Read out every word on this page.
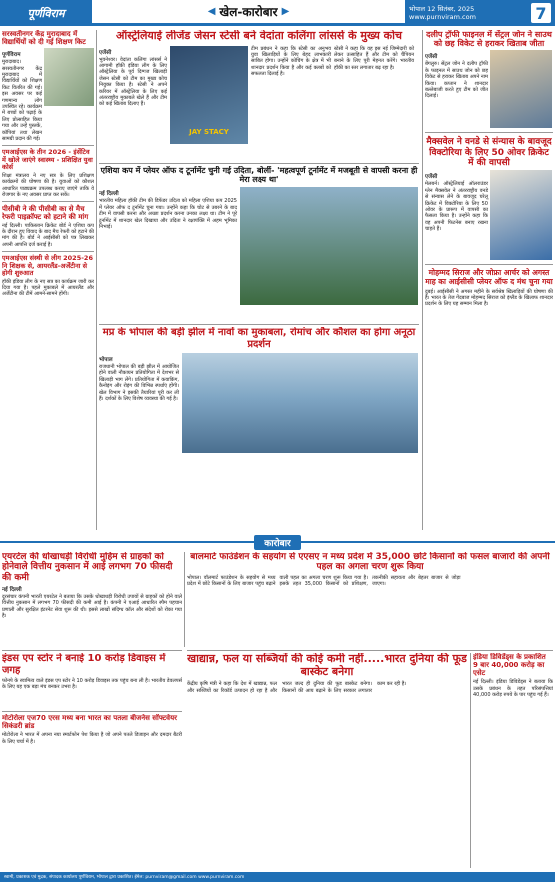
पूर्णविराम	◀ खेल-कारोबार ▶	भोपाल 12 सितंबर, 2025
www.purnviram.com	7
सरस्वतीनगर केंद्र मुरादाबाद में विद्यार्थियों को दी गई शिक्षण किट
पूर्णविराम
मुरादाबाद। सरस्वतीनगर केंद्र मुरादाबाद में विद्यार्थियों को शिक्षण किट वितरित की गई। इस अवसर पर कई गणमान्य लोग उपस्थित रहे। कार्यक्रम में बच्चों को पढ़ाई के लिए प्रोत्साहित किया गया और उन्हें पुस्तकें, कॉपियां तथा लेखन सामग्री प्रदान की गई।
एमआईएस के तीन 2026 - इंसेंटिव में खोले जाएंगे स्वास्थ्य - प्रशिक्षित युवा कोर्स
शिक्षा मंत्रालय ने नए सत्र के लिए प्रशिक्षण कार्यक्रमों की घोषणा की है। युवाओं को कौशल आधारित पाठ्यक्रम उपलब्ध कराए जाएंगे ताकि वे रोजगार के नए अवसर प्राप्त कर सकें।
पीसीबी ने की पीसीबी का से मैच रेफरी पाइक्रॉफ्ट को हटाने की मांग
नई दिल्ली। पाकिस्तान क्रिकेट बोर्ड ने एशिया कप के दौरान हुए विवाद के बाद मैच रेफरी को हटाने की मांग की है। बोर्ड ने आईसीसी को पत्र लिखकर अपनी आपत्ति दर्ज कराई है।
एमआईएस संस्थी से लीग 2025-26 नि शिक्षक से, आयरलैंड-अर्जेंटीना से होगी शुरुआत
हॉकी इंडिया लीग के नए सत्र का कार्यक्रम जारी कर दिया गया है। पहले मुकाबले में आयरलैंड और अर्जेंटीना की टीमें आमने-सामने होंगी।
ऑस्ट्रेलियाई लीजेंड जेसन स्टेसी बने वेदांता कलिंगा लांसर्स के मुख्य कोच
एजेंसी
भुवनेश्वर। वेदांता कलिंगा लांसर्स ने आगामी हॉकी इंडिया लीग के लिए ऑस्ट्रेलिया के पूर्व दिग्गज खिलाड़ी जेसन स्टेसी को टीम का मुख्य कोच नियुक्त किया है। स्टेसी ने अपने करियर में ऑस्ट्रेलिया के लिए कई अंतरराष्ट्रीय मुकाबले खेले हैं और टीम को कई खिताब दिलाए हैं।
JAY STACY
टीम प्रबंधन ने कहा कि स्टेसी का अनुभव युवा खिलाड़ियों के लिए बेहद लाभकारी साबित होगा। उन्होंने कोचिंग के क्षेत्र में भी शानदार प्रदर्शन किया है और कई क्लबों को सफलता दिलाई है।
स्टेसी ने कहा कि वह इस नई जिम्मेदारी को लेकर उत्साहित हैं और टीम को चैंपियन बनाने के लिए पूरी मेहनत करेंगे। भारतीय हॉकी का स्तर लगातार बढ़ रहा है।
एशिया कप में प्लेयर ऑफ द टूर्नामेंट चुनी गई उदिता, बोलीं- 'महत्वपूर्ण टूर्नामेंट में मजबूती से वापसी करना ही मेरा लक्ष्य था'
नई दिल्ली
भारतीय महिला हॉकी टीम की डिफेंडर उदिता को महिला एशिया कप 2025 में प्लेयर ऑफ द टूर्नामेंट चुना गया। उन्होंने कहा कि चोट से उबरने के बाद टीम में वापसी करना और अच्छा प्रदर्शन करना उनका लक्ष्य था। टीम ने पूरे टूर्नामेंट में शानदार खेल दिखाया और उदिता ने रक्षापंक्ति में अहम भूमिका निभाई।
मप्र के भोपाल की बड़ी झील में नावों का मुकाबला, रोमांच और कौशल का होगा अनूठा प्रदर्शन
भोपाल
राजधानी भोपाल की बड़ी झील में आयोजित होने वाली नौकायन प्रतियोगिता में देशभर से खिलाड़ी भाग लेंगे। प्रतियोगिता में कयाकिंग, कैनोइंग और रोइंग की विभिन्न स्पर्धाएं होंगी। खेल विभाग ने इसकी तैयारियां पूरी कर ली हैं। दर्शकों के लिए विशेष व्यवस्था की गई है।
दलीप ट्रॉफी फाइनल में सेंट्रल जोन ने साउथ को छह विकेट से हराकर खिताब जीता
एजेंसी
बेंगलुरु। सेंट्रल जोन ने दलीप ट्रॉफी के फाइनल में साउथ जोन को छह विकेट से हराकर खिताब अपने नाम किया। कप्तान ने शानदार बल्लेबाजी करते हुए टीम को जीत दिलाई।
मैक्सवेल ने वनडे से संन्यास के बावजूद विक्टोरिया के लिए 50 ओवर क्रिकेट में की वापसी
एजेंसी
मेलबर्न। ऑस्ट्रेलियाई ऑलराउंडर ग्लेन मैक्सवेल ने अंतरराष्ट्रीय वनडे से संन्यास लेने के बावजूद घरेलू क्रिकेट में विक्टोरिया के लिए 50 ओवर के प्रारूप में वापसी का फैसला किया है। उन्होंने कहा कि वह अपनी फिटनेस बनाए रखना चाहते हैं।
मोहम्मद सिराज और जोफ्रा आर्चर को अगस्त माह का आईसीसी प्लेयर ऑफ द मंथ चुना गया
दुबई। आईसीसी ने अगस्त महीने के सर्वश्रेष्ठ खिलाड़ियों की घोषणा की है। भारत के तेज गेंदबाज मोहम्मद सिराज को इंग्लैंड के खिलाफ शानदार प्रदर्शन के लिए यह सम्मान मिला है।
कारोबार
एयरटेल की धोखाधड़ी विरोधी मुहिम से ग्राहकों को होनेवाले वित्तीय नुकसान में आई लगभग 70 फीसदी की कमी
नई दिल्ली
दूरसंचार कंपनी भारती एयरटेल ने बताया कि उसके धोखाधड़ी विरोधी उपायों से ग्राहकों को होने वाले वित्तीय नुकसान में लगभग 70 फीसदी की कमी आई है। कंपनी ने एआई आधारित स्पैम पहचान प्रणाली और सुरक्षित इंटरनेट सेवा शुरू की थी। इससे लाखों संदिग्ध कॉल और संदेशों को रोका गया है।
बालमार्ट फाउंडेशन के सहयोग से एएसए न मध्य प्रदेश में 35,000 छोटे किसानों को फसल बाजारों की अपनी पहल का अगला चरण शुरू किया
भोपाल। वॉलमार्ट फाउंडेशन के सहयोग से मध्य प्रदेश में छोटे किसानों के लिए बाजार पहुंच बढ़ाने वाली पहल का अगला चरण शुरू किया गया है। इसके तहत 35,000 किसानों को प्रशिक्षण, तकनीकी सहायता और बेहतर बाजार से जोड़ा जाएगा।
इंडस एप स्टोर ने बनाई 10 करोड़ डिवाइस में जगह
फोनपे के स्वामित्व वाले इंडस एप स्टोर ने 10 करोड़ डिवाइस तक पहुंच बना ली है। भारतीय डेवलपर्स के लिए यह एक बड़ा मंच बनकर उभरा है।
मोटोरोला एज70 एरस मध्य बना भारत का पतला बीजनेस सॉफ्टवेयर सिकंडरी ब्रांड
मोटोरोला ने भारत में अपना नया स्मार्टफोन पेश किया है जो अपने पतले डिजाइन और दमदार बैटरी के लिए चर्चा में है।
खाद्यान्न, फल या सब्जियों की कोई कमी नहीं.....भारत दुनिया की फूड बास्केट बनेगा
केंद्रीय कृषि मंत्री ने कहा कि देश में खाद्यान्न, फल और सब्जियों का रिकॉर्ड उत्पादन हो रहा है और भारत जल्द ही दुनिया की फूड बास्केट बनेगा। किसानों की आय बढ़ाने के लिए सरकार लगातार काम कर रही है।
इंडिया डिविडेंड्स के प्रकाशित 9 बार 40,000 करोड़ का एसेट
नई दिल्ली। इंडिया डिविडेंड्स ने बताया कि उसके प्रबंधन के तहत परिसंपत्तियां 40,000 करोड़ रुपये के पार पहुंच गई हैं।
स्वामी, प्रकाशक एवं मुद्रक, संपादक कार्यालय पूर्णविराम, भोपाल द्वारा प्रकाशित। ईमेल: purnviram@gmail.com www.purnviram.com
